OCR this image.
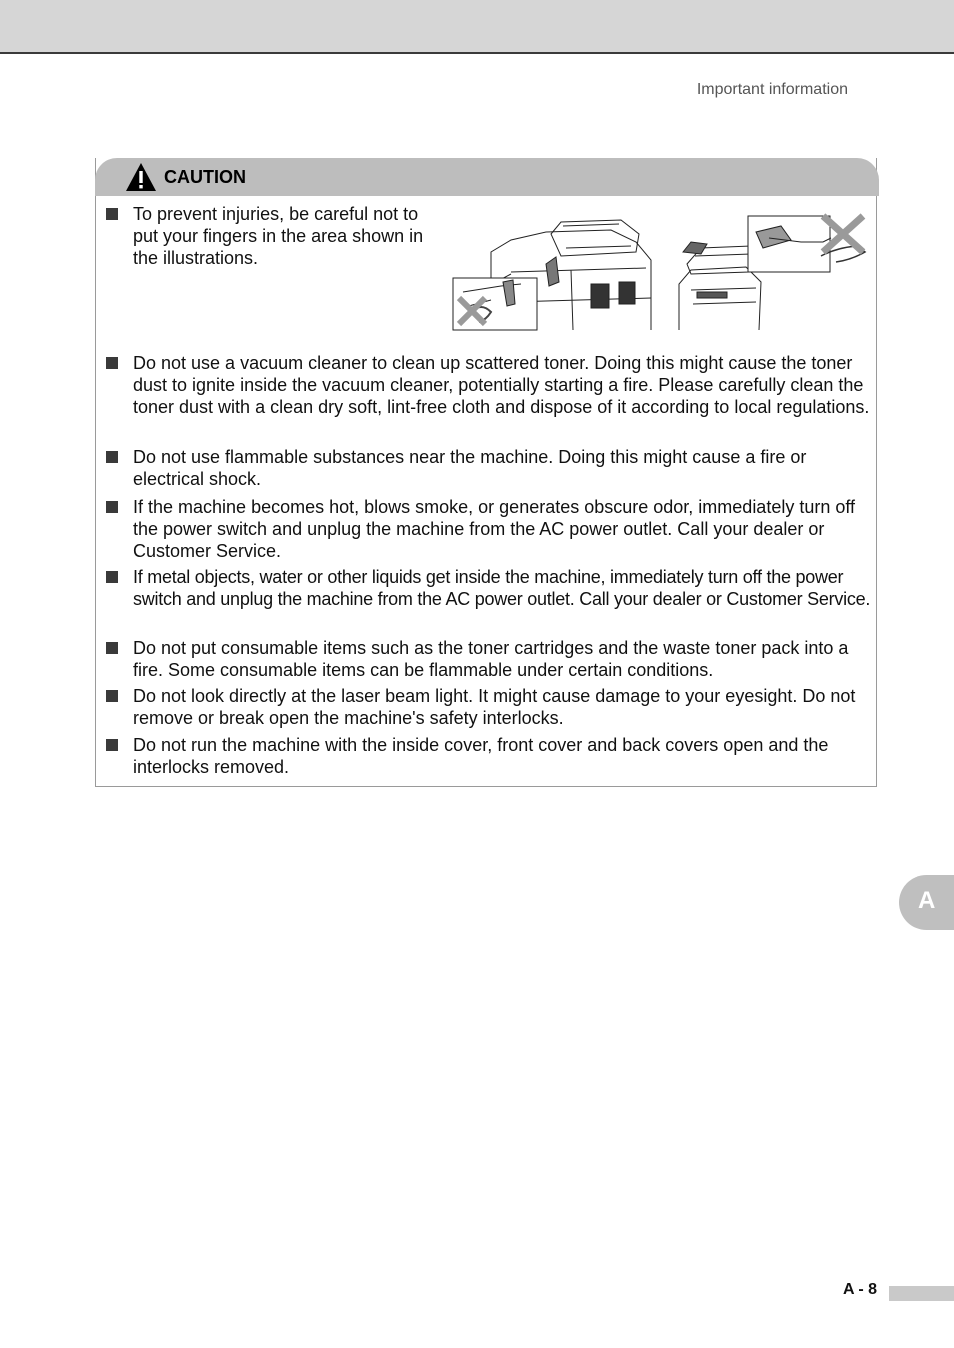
Important information
CAUTION
To prevent injuries, be careful not to put your fingers in the area shown in the illustrations.
Do not use a vacuum cleaner to clean up scattered toner. Doing this might cause the toner dust to ignite inside the vacuum cleaner, potentially starting a fire. Please carefully clean the toner dust with a clean dry soft, lint-free cloth and dispose of it according to local regulations.
Do not use flammable substances near the machine. Doing this might cause a fire or electrical shock.
If the machine becomes hot, blows smoke, or generates obscure odor, immediately turn off the power switch and unplug the machine from the AC power outlet. Call your dealer or Customer Service.
If metal objects, water or other liquids get inside the machine, immediately turn off the power switch and unplug the machine from the AC power outlet. Call your dealer or Customer Service.
Do not put consumable items such as the toner cartridges and the waste toner pack into a fire. Some consumable items can be flammable under certain conditions.
Do not look directly at the laser beam light. It might cause damage to your eyesight. Do not remove or break open the machine's safety interlocks.
Do not run the machine with the inside cover, front cover and back covers open and the interlocks removed.
A
A - 8
